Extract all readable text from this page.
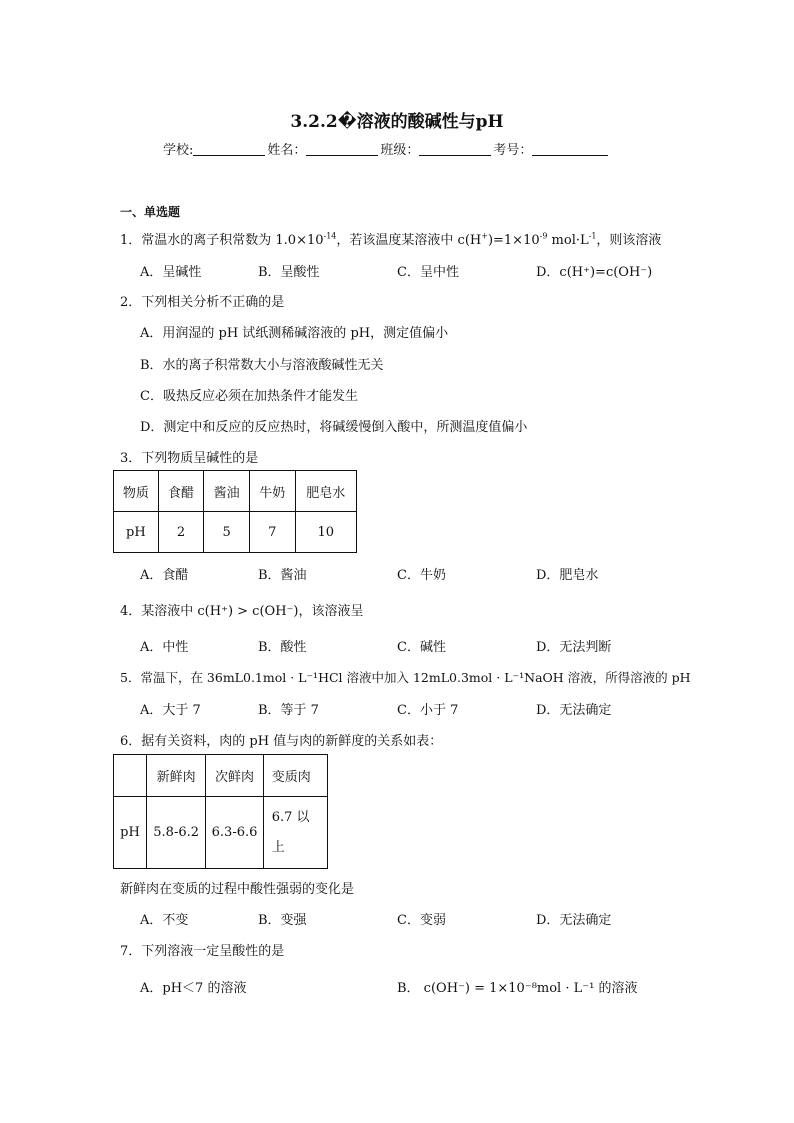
3.2.2�溶液的酸碱性与pH
学校:	姓名：	班级：	考号：
一、单选题
1．常温水的离子积常数为 $1.0\times 10^{-14}$，若该温度某溶液中 $c(H^+)=1\times 10^{-9}$ $mol\cdot L^{-1}$，则该溶液
A．呈碱性	B．呈酸性	C．呈中性	D．c(H⁺)=c(OH⁻)
2．下列相关分析不正确的是
A．用润湿的 pH 试纸测稀碱溶液的 pH，测定值偏小
B．水的离子积常数大小与溶液酸碱性无关
C．吸热反应必须在加热条件才能发生
D．测定中和反应的反应热时，将碱缓慢倒入酸中，所测温度值偏小
3．下列物质呈碱性的是
物质	食醋	酱油	牛奶	肥皂水
pH	2	5	7	10
A．食醋	B．酱油	C．牛奶	D．肥皂水
4．某溶液中 c(H⁺) > c(OH⁻)，该溶液呈
A．中性	B．酸性	C．碱性	D．无法判断
5．常温下，在 36mL0.1mol · L⁻¹HCl 溶液中加入 12mL0.3mol · L⁻¹NaOH 溶液，所得溶液的 pH
A．大于 7	B．等于 7	C．小于 7	D．无法确定
6．据有关资料，肉的 pH 值与肉的新鲜度的关系如表：
	新鲜肉	次鲜肉	变质肉
pH	5.8-6.2	6.3-6.6	6.7 以上
新鲜肉在变质的过程中酸性强弱的变化是
A．不变	B．变强	C．变弱	D．无法确定
7．下列溶液一定呈酸性的是
A．pH＜7 的溶液	B． c(OH⁻) = 1×10⁻⁸mol · L⁻¹ 的溶液
